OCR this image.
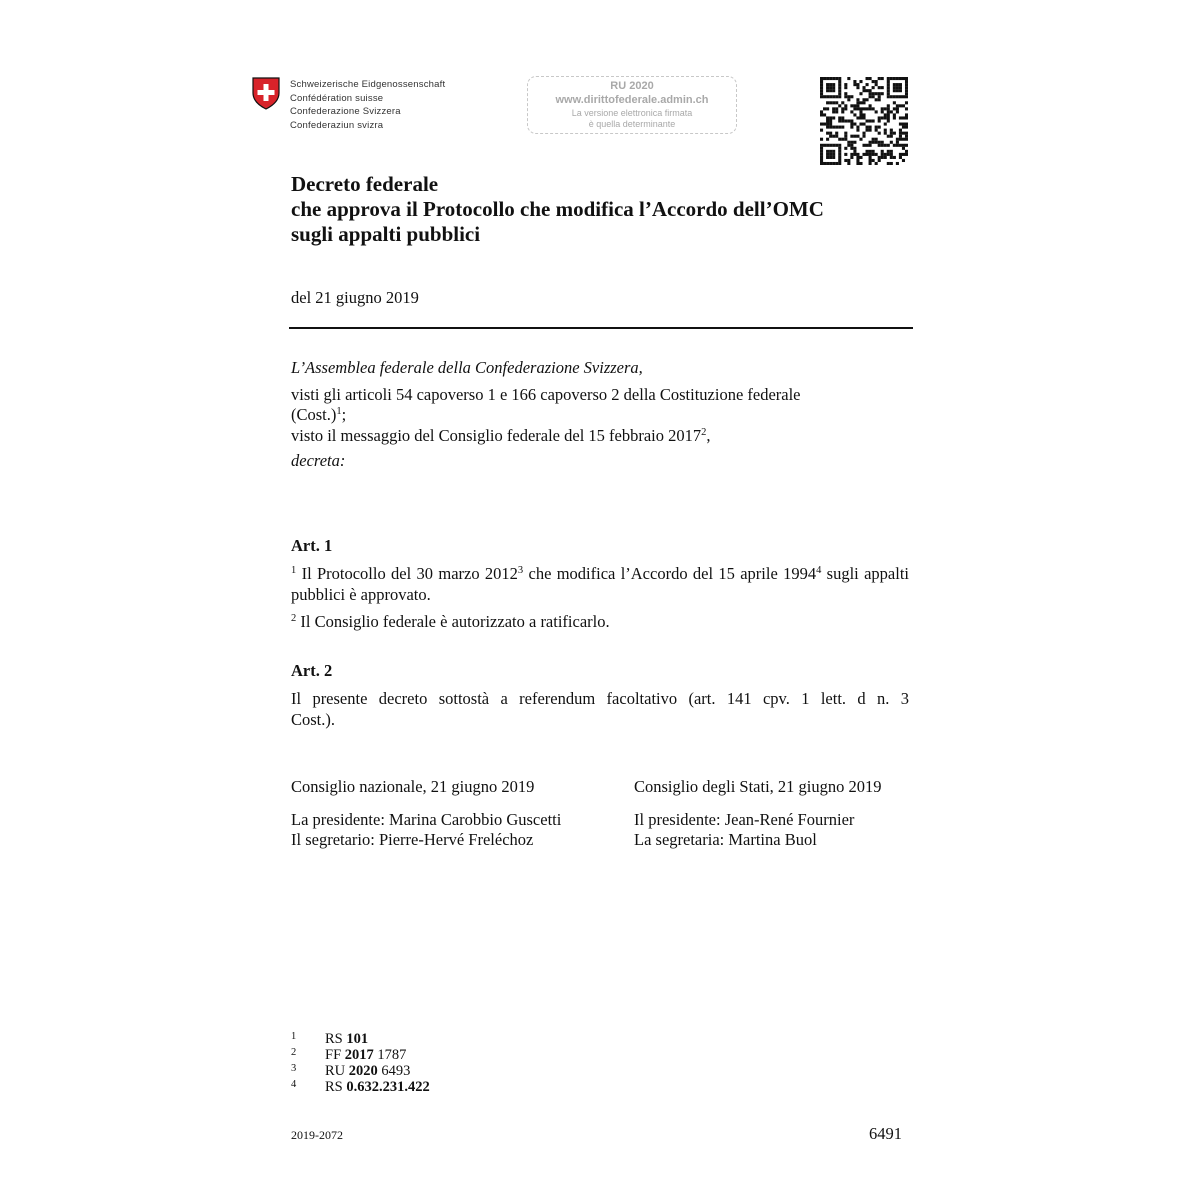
Schweizerische Eidgenossenschaft
Confédération suisse
Confederazione Svizzera
Confederaziun svizra
RU 2020
www.dirittofederale.admin.ch
La versione elettronica firmata
è quella determinante
Decreto federale
che approva il Protocollo che modifica l’Accordo dell’OMC
sugli appalti pubblici
del 21 giugno 2019
L’Assemblea federale della Confederazione Svizzera,
visti gli articoli 54 capoverso 1 e 166 capoverso 2 della Costituzione federale
(Cost.)$^1$;
visto il messaggio del Consiglio federale del 15 febbraio 2017$^2$,
decreta:
Art. 1
$^1$ Il Protocollo del 30 marzo 2012$^3$ che modifica l’Accordo del 15 aprile 1994$^4$ sugli appalti pubblici è approvato.
$^2$ Il Consiglio federale è autorizzato a ratificarlo.
Art. 2
Il presente decreto sottostà a referendum facoltativo (art. 141 cpv. 1 lett. d n. 3
Cost.).
Consiglio nazionale, 21 giugno 2019
La presidente: Marina Carobbio Guscetti
Il segretario: Pierre-Hervé Freléchoz
Consiglio degli Stati, 21 giugno 2019
Il presidente: Jean-René Fournier
La segretaria: Martina Buol
1	RS 101
2	FF 2017 1787
3	RU 2020 6493
4	RS 0.632.231.422
2019-2072	6491
